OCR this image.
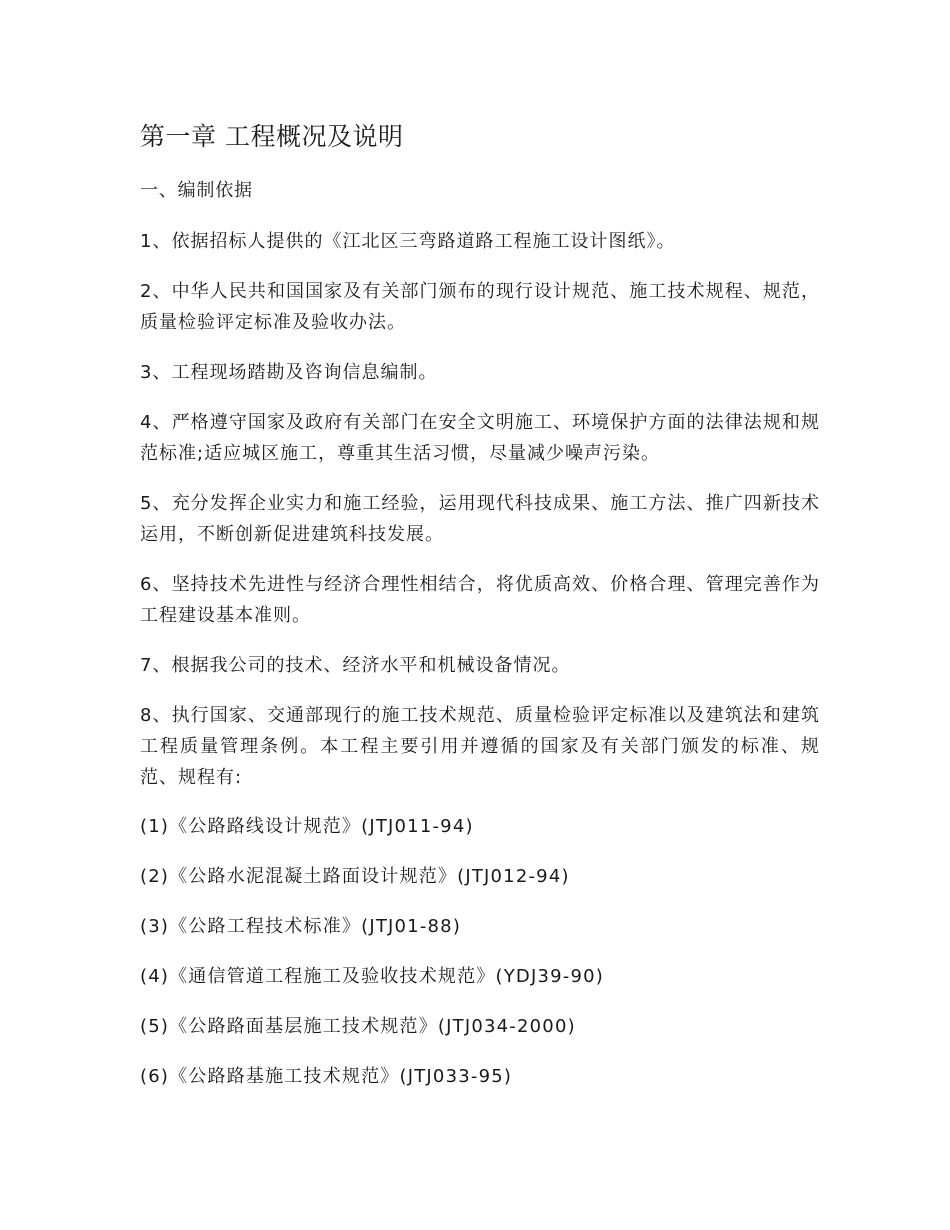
第一章 工程概况及说明
一、编制依据

1、依据招标人提供的《江北区三弯路道路工程施工设计图纸》。

2、中华人民共和国国家及有关部门颁布的现行设计规范、施工技术规程、规范，质量检验评定标准及验收办法。

3、工程现场踏勘及咨询信息编制。

4、严格遵守国家及政府有关部门在安全文明施工、环境保护方面的法律法规和规范标准;适应城区施工，尊重其生活习惯，尽量减少噪声污染。

5、充分发挥企业实力和施工经验，运用现代科技成果、施工方法、推广四新技术运用，不断创新促进建筑科技发展。

6、坚持技术先进性与经济合理性相结合，将优质高效、价格合理、管理完善作为工程建设基本准则。

7、根据我公司的技术、经济水平和机械设备情况。

8、执行国家、交通部现行的施工技术规范、质量检验评定标准以及建筑法和建筑工程质量管理条例。本工程主要引用并遵循的国家及有关部门颁发的标准、规范、规程有:

(1)《公路路线设计规范》(JTJ011-94)

(2)《公路水泥混凝土路面设计规范》(JTJ012-94)

(3)《公路工程技术标准》(JTJ01-88)

(4)《通信管道工程施工及验收技术规范》(YDJ39-90)

(5)《公路路面基层施工技术规范》(JTJ034-2000)

(6)《公路路基施工技术规范》(JTJ033-95)
